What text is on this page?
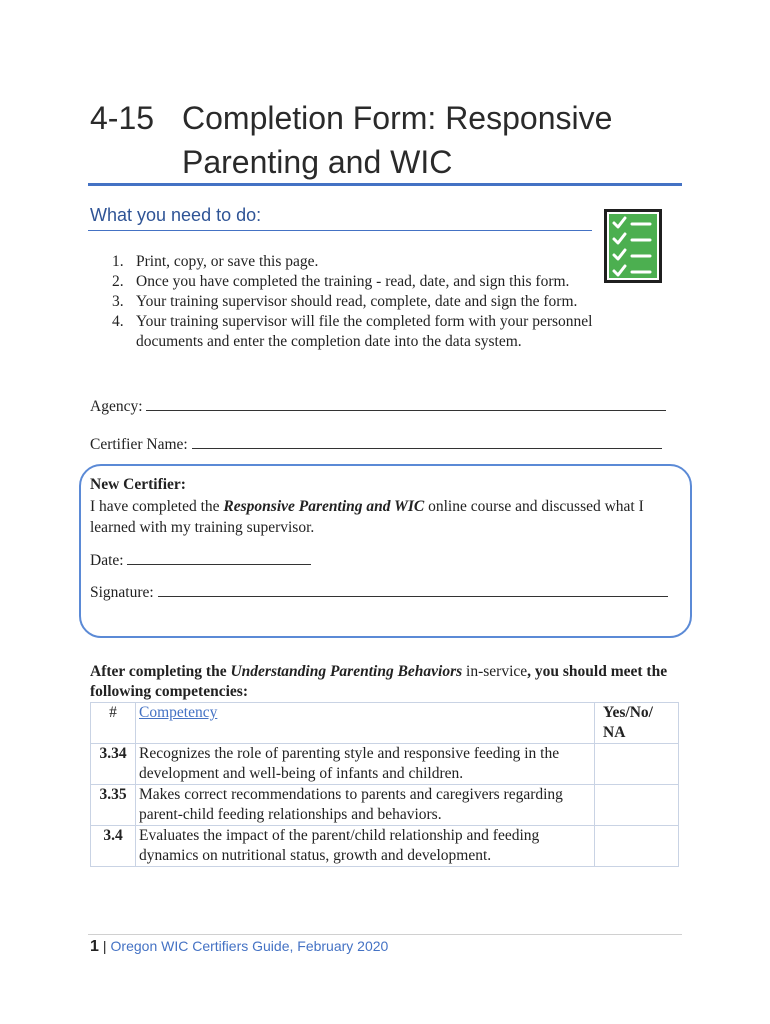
4-15 Completion Form: Responsive Parenting and WIC
What you need to do:
1. Print, copy, or save this page.
2. Once you have completed the training - read, date, and sign this form.
3. Your training supervisor should read, complete, date and sign the form.
4. Your training supervisor will file the completed form with your personnel documents and enter the completion date into the data system.
Agency:
Certifier Name:
New Certifier:
I have completed the Responsive Parenting and WIC online course and discussed what I learned with my training supervisor.
Date:
Signature:
After completing the Understanding Parenting Behaviors in-service, you should meet the following competencies:
#	Competency	Yes/No/ NA
3.34	Recognizes the role of parenting style and responsive feeding in the development and well-being of infants and children.	
3.35	Makes correct recommendations to parents and caregivers regarding parent-child feeding relationships and behaviors.	
3.4	Evaluates the impact of the parent/child relationship and feeding dynamics on nutritional status, growth and development.	
1 | Oregon WIC Certifiers Guide, February 2020
